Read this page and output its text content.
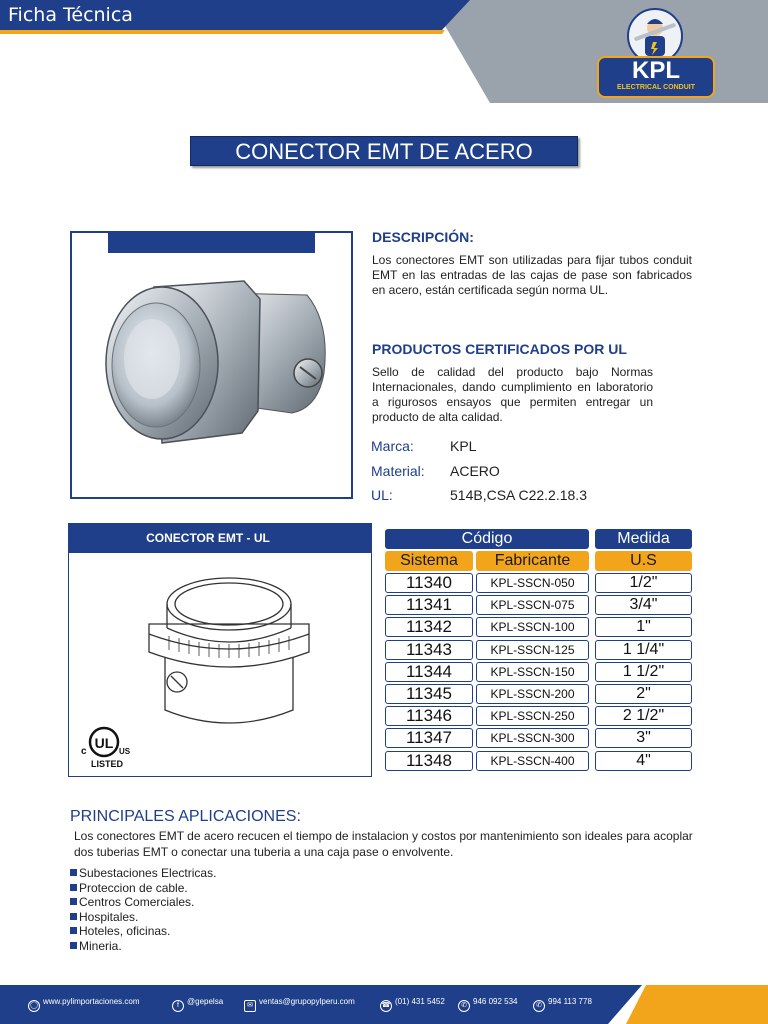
Ficha Técnica
KPL
ELECTRICAL CONDUIT
CONECTOR EMT DE ACERO
DESCRIPCIÓN:
Los conectores EMT son utilizadas para fijar tubos conduit EMT en las entradas de las cajas de pase son fabricados en acero, están certificada según norma UL.
PRODUCTOS CERTIFICADOS POR UL
Sello de calidad del producto bajo Normas Internacionales, dando cumplimiento en laboratorio a rigurosos ensayos que permiten entregar un producto de alta calidad.
Marca:	KPL
Material: ACERO
UL:	514B,CSA C22.2.18.3
UL
c	US
LISTED
CONECTOR EMT - UL	Código	Medida
Sistema	Fabricante	U.S
11340	KPL-SSCN-050	1/2"
11341	KPL-SSCN-075	3/4"
11342	KPL-SSCN-100	1"
11343	KPL-SSCN-125	1 1/4"
11344	KPL-SSCN-150	1 1/2"
11345	KPL-SSCN-200	2"
11346	KPL-SSCN-250	2 1/2"
11347	KPL-SSCN-300	3"
11348	KPL-SSCN-400	4"
PRINCIPALES APLICACIONES:
Los conectores EMT de acero recucen el tiempo de instalacion y costos por mantenimiento son ideales para acoplar dos tuberias EMT o conectar una tuberia a una caja pase o envolvente.
Subestaciones Electricas.
Proteccion de cable.
Centros Comerciales.
Hospitales.
Hoteles, oficinas.
Mineria.
◯ www.pylimportaciones.com	f @gepelsa	✉ ventas@grupopylperu.com	☎ (01) 431 5452	✆ 946 092 534	✆ 994 113 778
